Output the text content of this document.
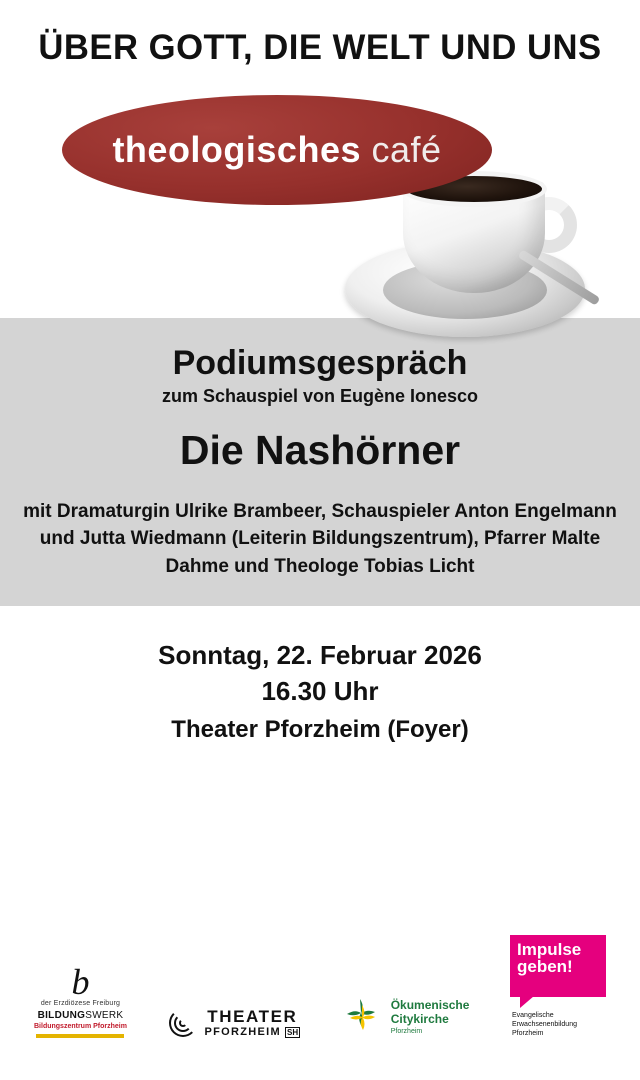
ÜBER GOTT, DIE WELT UND UNS
theologisches
café
Podiumsgespräch
zum Schauspiel von Eugène Ionesco
Die Nashörner
mit Dramaturgin Ulrike Brambeer, Schauspieler Anton Engelmann und Jutta Wiedmann (Leiterin Bildungszentrum), Pfarrer Malte Dahme und Theologe Tobias Licht
Sonntag, 22. Februar 2026
16.30 Uhr
Theater Pforzheim (Foyer)
b
der Erzdiözese Freiburg
BILDUNGSWERK
Bildungszentrum Pforzheim
THEATER
PFORZHEIM SH
Ökumenische
Citykirche
Pforzheim
Impulse
geben!
Evangelische
Erwachsenenbildung
Pforzheim
